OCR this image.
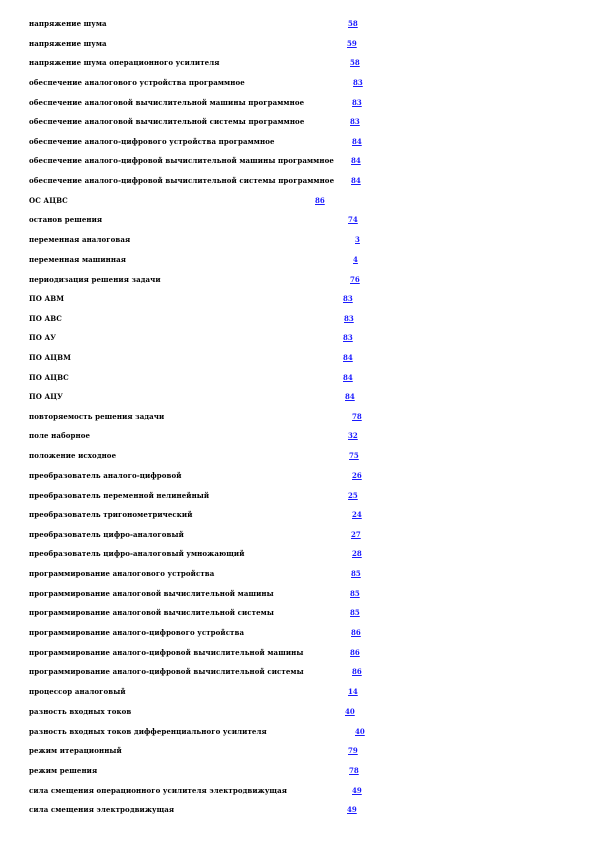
напряжение шума	58
напряжение шума	59
напряжение шума операционного усилителя	58
обеспечение аналогового устройства программное	83
обеспечение аналоговой вычислительной машины программное	83
обеспечение аналоговой вычислительной системы программное	83
обеспечение аналого-цифрового устройства программное	84
обеспечение аналого-цифровой вычислительной машины программное 84
обеспечение аналого-цифровой вычислительной системы программное 84
ОС АЦВС	86
останов решения	74
переменная аналоговая	3
переменная машинная	4
периодизация решения задачи	76
ПО АВМ	83
ПО АВС	83
ПО АУ	83
ПО АЦВМ	84
ПО АЦВС	84
ПО АЦУ	84
повторяемость решения задачи	78
поле наборное	32
положение исходное	75
преобразователь аналого-цифровой	26
преобразователь переменной нелинейный	25
преобразователь тригонометрический	24
преобразователь цифро-аналоговый	27
преобразователь цифро-аналоговый умножающий	28
программирование аналогового устройства	85
программирование аналоговой вычислительной машины	85
программирование аналоговой вычислительной системы	85
программирование аналого-цифрового устройства	86
программирование аналого-цифровой вычислительной машины	86
программирование аналого-цифровой вычислительной системы	86
процессор аналоговый	14
разность входных токов	40
разность входных токов дифференциального усилителя	40
режим итерационный	79
режим решения	78
сила смещения операционного усилителя электродвижущая	49
сила смещения электродвижущая	49
